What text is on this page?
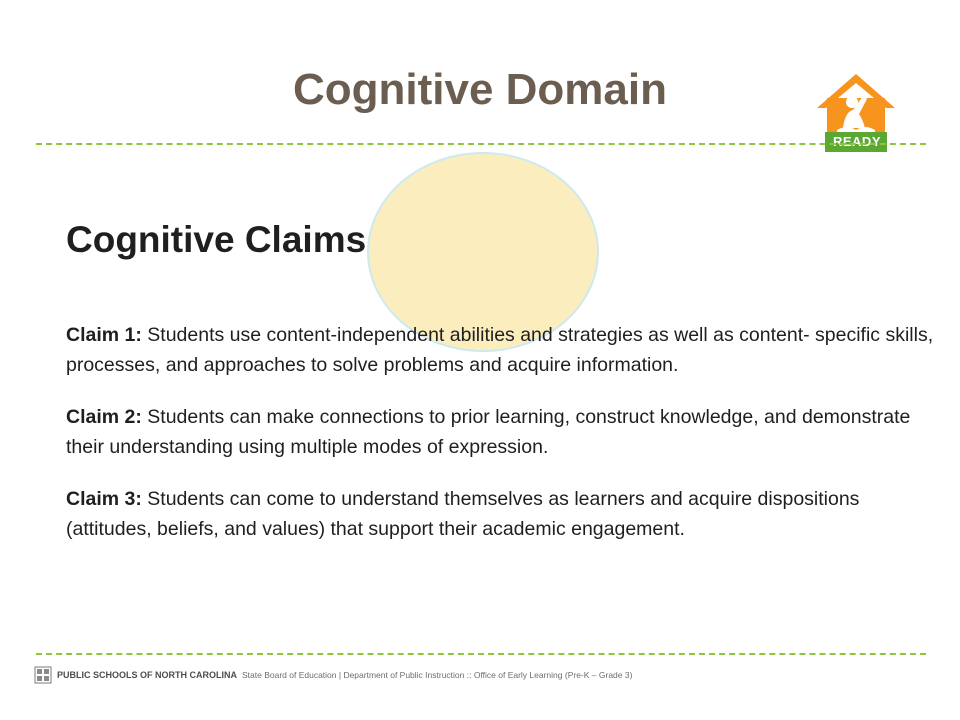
Cognitive Domain
READY
Cognitive Claims

Claim 1: Students use content-independent abilities and strategies as well as content- specific skills, processes, and approaches to solve problems and acquire information.

Claim 2: Students can make connections to prior learning, construct knowledge, and demonstrate their understanding using multiple modes of expression.

Claim 3: Students can come to understand themselves as learners and acquire dispositions (attitudes, beliefs, and values) that support their academic engagement.

PUBLIC SCHOOLS OF NORTH CAROLINA State Board of Education | Department of Public Instruction :: Office of Early Learning (Pre-K – Grade 3)
